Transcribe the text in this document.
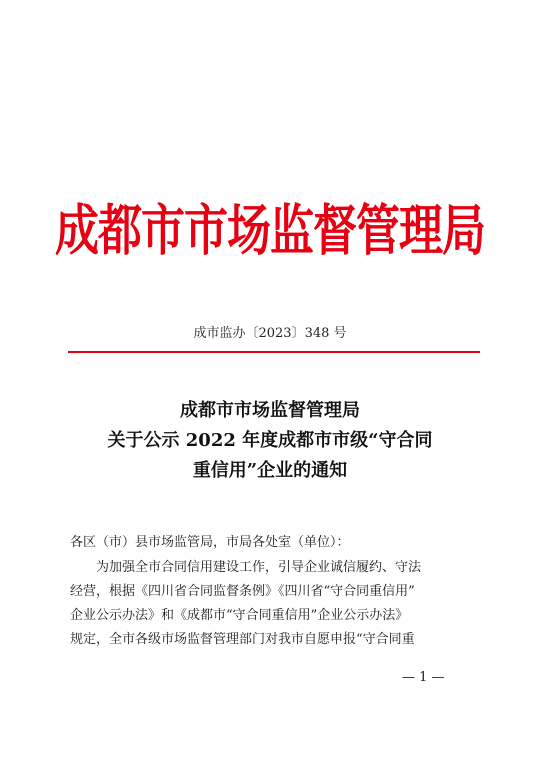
成都市市场监督管理局
成市监办〔2023〕348 号
成都市市场监督管理局
关于公示 2022 年度成都市市级“守合同
重信用”企业的通知
各区（市）县市场监管局，市局各处室（单位）：
为加强全市合同信用建设工作，引导企业诚信履约、守法
经营，根据《四川省合同监督条例》《四川省“守合同重信用”
企业公示办法》和《成都市“守合同重信用”企业公示办法》
规定，全市各级市场监督管理部门对我市自愿申报“守合同重
— 1 —
